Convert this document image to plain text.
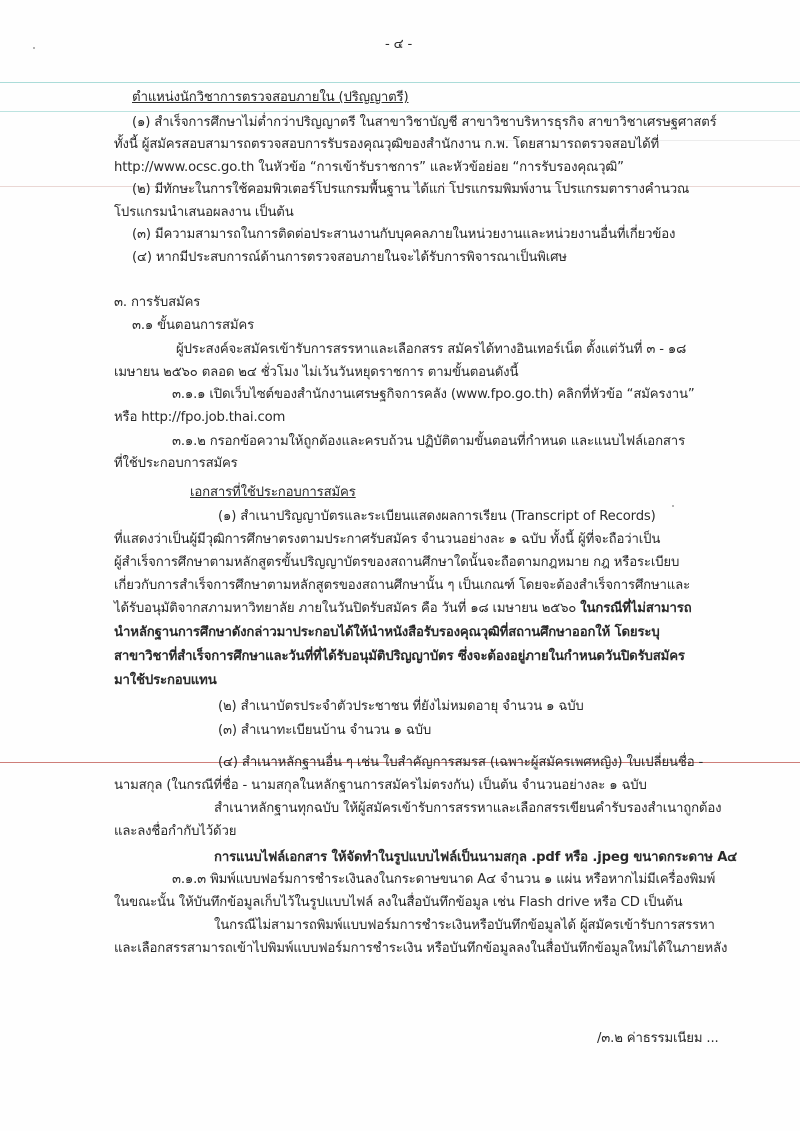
- ๔ -
ตำแหน่งนักวิชาการตรวจสอบภายใน (ปริญญาตรี)
(๑) สำเร็จการศึกษาไม่ต่ำกว่าปริญญาตรี ในสาขาวิชาบัญชี สาขาวิชาบริหารธุรกิจ สาขาวิชาเศรษฐศาสตร์
ทั้งนี้ ผู้สมัครสอบสามารถตรวจสอบการรับรองคุณวุฒิของสำนักงาน ก.พ. โดยสามารถตรวจสอบได้ที่
http://www.ocsc.go.th ในหัวข้อ “การเข้ารับราชการ” และหัวข้อย่อย “การรับรองคุณวุฒิ”
(๒) มีทักษะในการใช้คอมพิวเตอร์โปรแกรมพื้นฐาน ได้แก่ โปรแกรมพิมพ์งาน โปรแกรมตารางคำนวณ
โปรแกรมนำเสนอผลงาน เป็นต้น
(๓) มีความสามารถในการติดต่อประสานงานกับบุคคลภายในหน่วยงานและหน่วยงานอื่นที่เกี่ยวข้อง
(๔) หากมีประสบการณ์ด้านการตรวจสอบภายในจะได้รับการพิจารณาเป็นพิเศษ
๓. การรับสมัคร
๓.๑ ขั้นตอนการสมัคร
ผู้ประสงค์จะสมัครเข้ารับการสรรหาและเลือกสรร สมัครได้ทางอินเทอร์เน็ต ตั้งแต่วันที่ ๓ - ๑๘
เมษายน ๒๕๖๐ ตลอด ๒๔ ชั่วโมง ไม่เว้นวันหยุดราชการ ตามขั้นตอนดังนี้
๓.๑.๑ เปิดเว็บไซต์ของสำนักงานเศรษฐกิจการคลัง (www.fpo.go.th) คลิกที่หัวข้อ “สมัครงาน”
หรือ http://fpo.job.thai.com
๓.๑.๒ กรอกข้อความให้ถูกต้องและครบถ้วน ปฏิบัติตามขั้นตอนที่กำหนด และแนบไฟล์เอกสาร
ที่ใช้ประกอบการสมัคร
เอกสารที่ใช้ประกอบการสมัคร
(๑) สำเนาปริญญาบัตรและระเบียนแสดงผลการเรียน (Transcript of Records)
ที่แสดงว่าเป็นผู้มีวุฒิการศึกษาตรงตามประกาศรับสมัคร จำนวนอย่างละ ๑ ฉบับ ทั้งนี้ ผู้ที่จะถือว่าเป็น
ผู้สำเร็จการศึกษาตามหลักสูตรขั้นปริญญาบัตรของสถานศึกษาใดนั้นจะถือตามกฎหมาย กฎ หรือระเบียบ
เกี่ยวกับการสำเร็จการศึกษาตามหลักสูตรของสถานศึกษานั้น ๆ เป็นเกณฑ์ โดยจะต้องสำเร็จการศึกษาและ
ได้รับอนุมัติจากสภามหาวิทยาลัย ภายในวันปิดรับสมัคร คือ วันที่ ๑๘ เมษายน ๒๕๖๐ ในกรณีที่ไม่สามารถ
นำหลักฐานการศึกษาดังกล่าวมาประกอบได้ให้นำหนังสือรับรองคุณวุฒิที่สถานศึกษาออกให้ โดยระบุ
สาขาวิชาที่สำเร็จการศึกษาและวันที่ที่ได้รับอนุมัติปริญญาบัตร ซึ่งจะต้องอยู่ภายในกำหนดวันปิดรับสมัคร
มาใช้ประกอบแทน
(๒) สำเนาบัตรประจำตัวประชาชน ที่ยังไม่หมดอายุ จำนวน ๑ ฉบับ
(๓) สำเนาทะเบียนบ้าน จำนวน ๑ ฉบับ
(๔) สำเนาหลักฐานอื่น ๆ เช่น ใบสำคัญการสมรส (เฉพาะผู้สมัครเพศหญิง) ใบเปลี่ยนชื่อ -
นามสกุล (ในกรณีที่ชื่อ - นามสกุลในหลักฐานการสมัครไม่ตรงกัน) เป็นต้น จำนวนอย่างละ ๑ ฉบับ
สำเนาหลักฐานทุกฉบับ ให้ผู้สมัครเข้ารับการสรรหาและเลือกสรรเขียนคำรับรองสำเนาถูกต้อง
และลงชื่อกำกับไว้ด้วย
การแนบไฟล์เอกสาร ให้จัดทำในรูปแบบไฟล์เป็นนามสกุล .pdf หรือ .jpeg ขนาดกระดาษ A๔
๓.๑.๓ พิมพ์แบบฟอร์มการชำระเงินลงในกระดาษขนาด A๔ จำนวน ๑ แผ่น หรือหากไม่มีเครื่องพิมพ์
ในขณะนั้น ให้บันทึกข้อมูลเก็บไว้ในรูปแบบไฟล์ ลงในสื่อบันทึกข้อมูล เช่น Flash drive หรือ CD เป็นต้น
ในกรณีไม่สามารถพิมพ์แบบฟอร์มการชำระเงินหรือบันทึกข้อมูลได้ ผู้สมัครเข้ารับการสรรหา
และเลือกสรรสามารถเข้าไปพิมพ์แบบฟอร์มการชำระเงิน หรือบันทึกข้อมูลลงในสื่อบันทึกข้อมูลใหม่ได้ในภายหลัง
/๓.๒ ค่าธรรมเนียม ...
